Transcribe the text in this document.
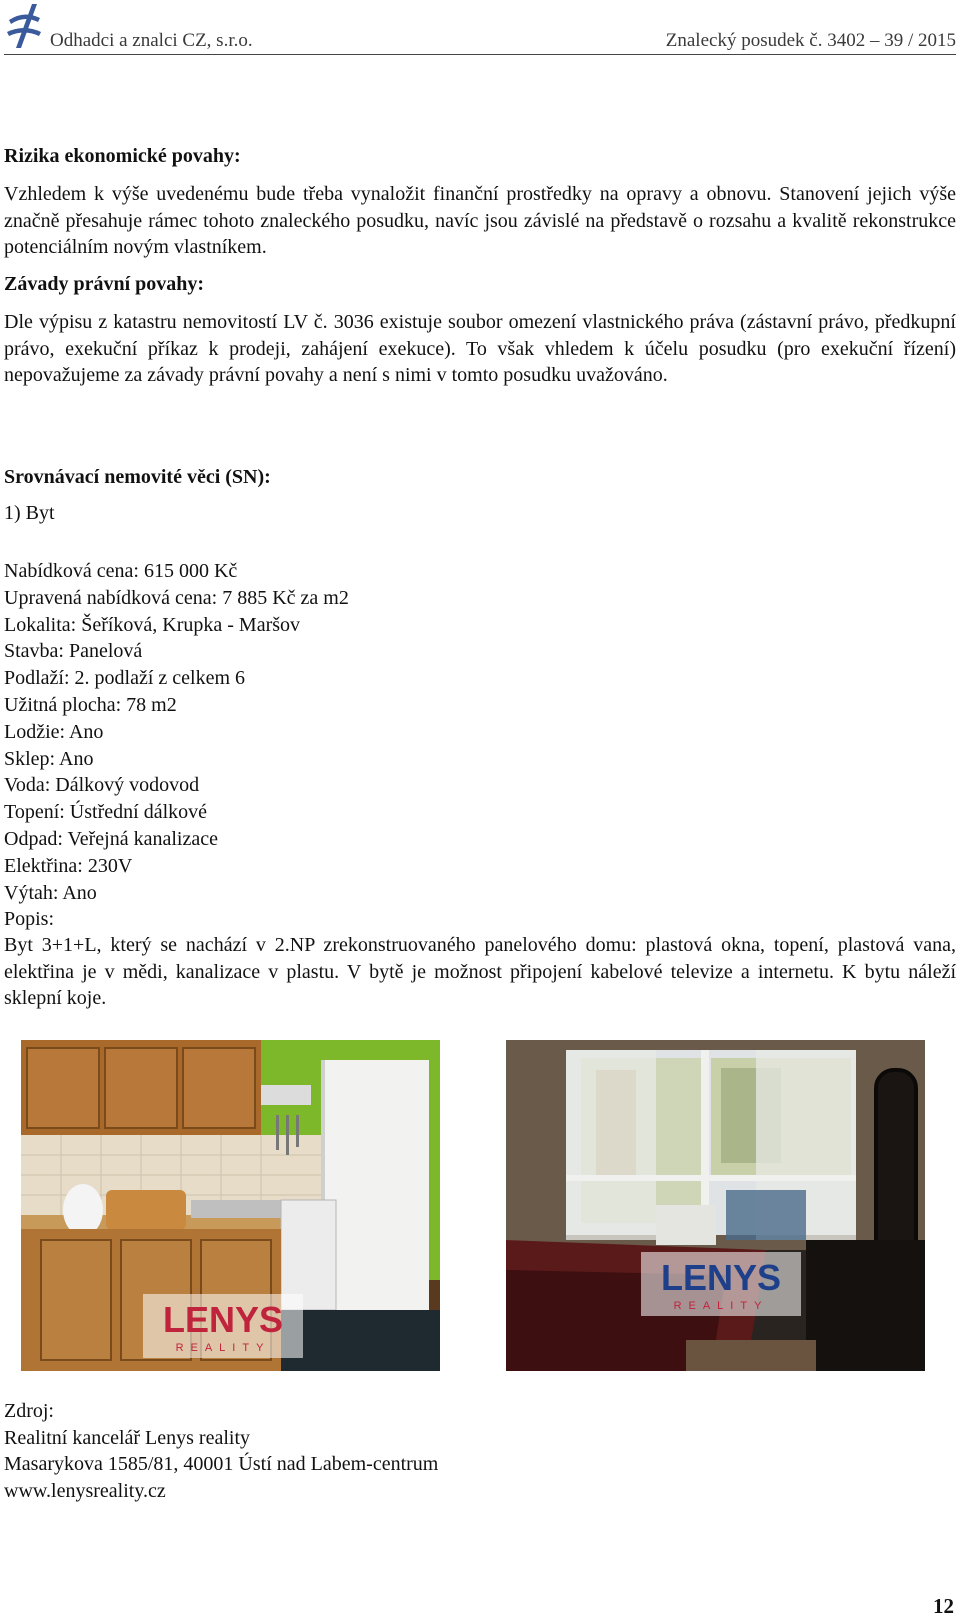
Odhadci a znalci CZ, s.r.o.	Znalecký posudek č. 3402 – 39 / 2015
Rizika ekonomické povahy:
Vzhledem k výše uvedenému bude třeba vynaložit finanční prostředky na opravy a obnovu. Stanovení jejich výše značně přesahuje rámec tohoto znaleckého posudku, navíc jsou závislé na představě o rozsahu a kvalitě rekonstrukce potenciálním novým vlastníkem.
Závady právní povahy:
Dle výpisu z katastru nemovitostí LV č. 3036 existuje soubor omezení vlastnického práva (zástavní právo, předkupní právo, exekuční příkaz k prodeji, zahájení exekuce). To však vhledem k účelu posudku (pro exekuční řízení) nepovažujeme za závady právní povahy a není s nimi v tomto posudku uvažováno.
Srovnávací nemovité věci (SN):
1) Byt
Nabídková cena: 615 000 Kč
Upravená nabídková cena: 7 885 Kč za m2
Lokalita: Šeříková, Krupka - Maršov
Stavba: Panelová
Podlaží: 2. podlaží z celkem 6
Užitná plocha: 78 m2
Lodžie: Ano
Sklep: Ano
Voda: Dálkový vodovod
Topení: Ústřední dálkové
Odpad: Veřejná kanalizace
Elektřina: 230V
Výtah: Ano
Popis:
Byt 3+1+L, který se nachází v 2.NP zrekonstruovaného panelového domu: plastová okna, topení, plastová vana, elektřina je v mědi, kanalizace v plastu. V bytě je možnost připojení kabelové televize a internetu. K bytu náleží sklepní koje.
LENYS
REALITY
LENYS
REALITY
Zdroj:
Realitní kancelář Lenys reality
Masarykova 1585/81, 40001 Ústí nad Labem-centrum
www.lenysreality.cz
12
